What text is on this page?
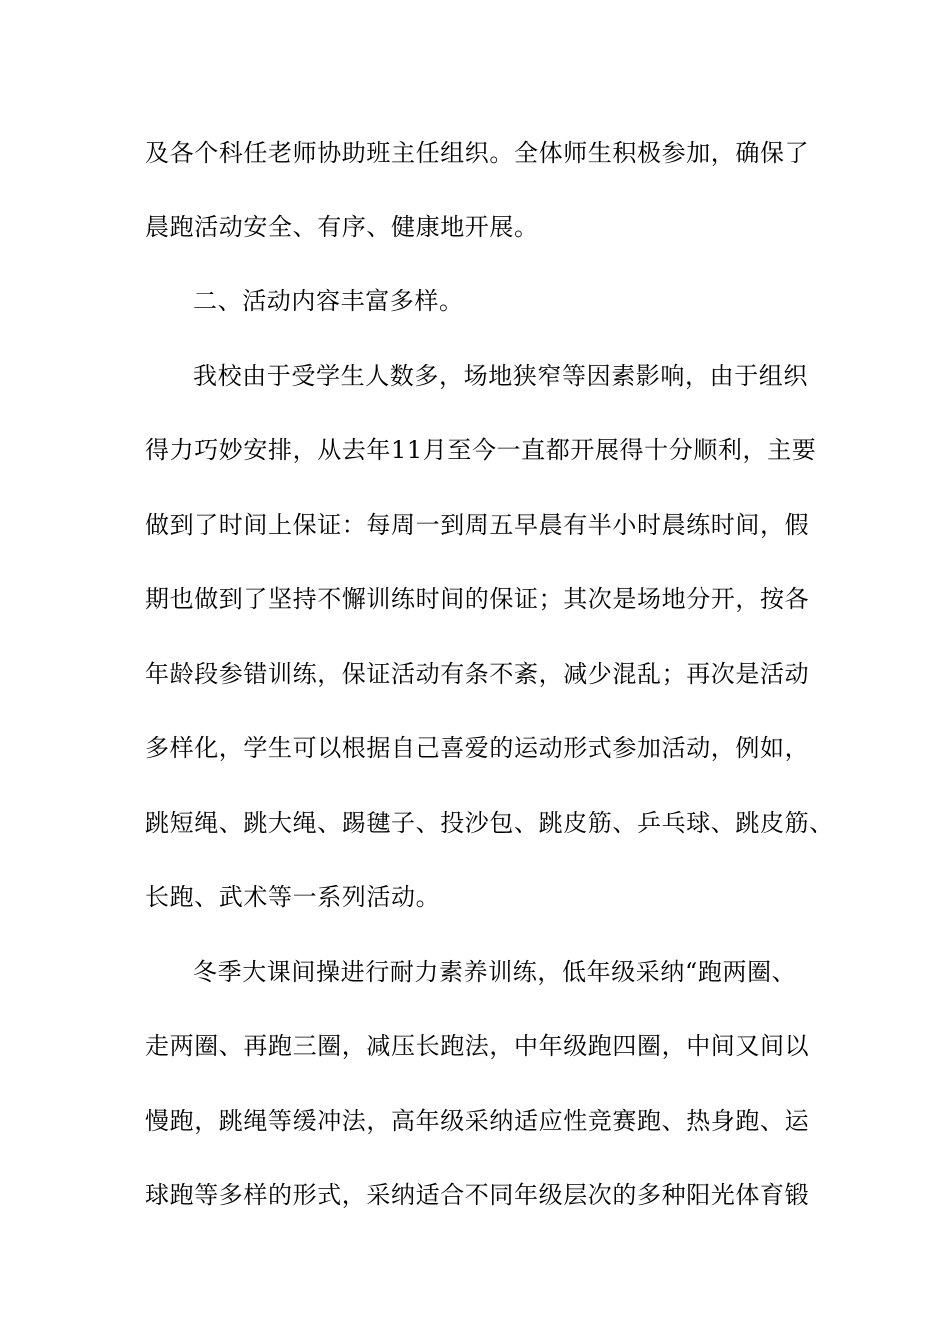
及各个科任老师协助班主任组织。全体师生积极参加，确保了
晨跑活动安全、有序、健康地开展。
二、活动内容丰富多样。
我校由于受学生人数多，场地狭窄等因素影响，由于组织
得力巧妙安排，从去年11月至今一直都开展得十分顺利，主要
做到了时间上保证：每周一到周五早晨有半小时晨练时间，假
期也做到了坚持不懈训练时间的保证；其次是场地分开，按各
年龄段参错训练，保证活动有条不紊，减少混乱；再次是活动
多样化，学生可以根据自己喜爱的运动形式参加活动，例如，
跳短绳、跳大绳、踢毽子、投沙包、跳皮筋、乒乓球、跳皮筋、
长跑、武术等一系列活动。
冬季大课间操进行耐力素养训练，低年级采纳“跑两圈、
走两圈、再跑三圈，减压长跑法，中年级跑四圈，中间又间以
慢跑，跳绳等缓冲法，高年级采纳适应性竞赛跑、热身跑、运
球跑等多样的形式，采纳适合不同年级层次的多种阳光体育锻
